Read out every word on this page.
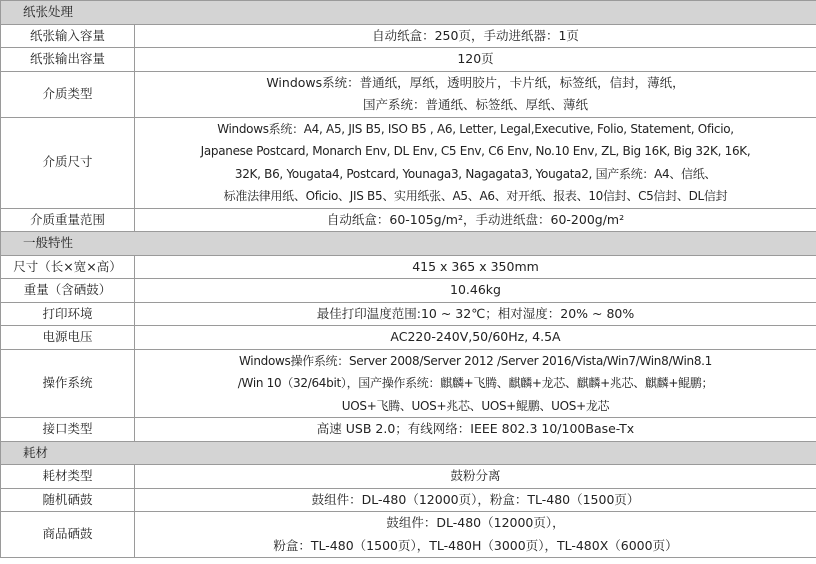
纸张处理	
纸张输入容量	自动纸盒：250页，手动进纸器：1页

纸张输出容量	120页

介质类型	Windows系统：普通纸，厚纸，透明胶片，卡片纸，标签纸，信封，薄纸，
国产系统：普通纸、标签纸、厚纸、薄纸

介质尺寸	Windows系统：A4, A5, JIS B5, ISO B5 , A6, Letter, Legal,Executive, Folio, Statement, Oficio,
Japanese Postcard, Monarch Env, DL Env, C5 Env, C6 Env, No.10 Env, ZL, Big 16K, Big 32K, 16K,
32K, B6, Yougata4, Postcard, Younaga3, Nagagata3, Yougata2, 国产系统：A4、信纸、
标准法律用纸、Oficio、JIS B5、实用纸张、A5、A6、对开纸、报表、10信封、C5信封、DL信封

介质重量范围	自动纸盒：60-105g/m²，手动进纸盘：60-200g/m²

一般特性	
尺寸（长×宽×高）	415 x 365 x 350mm

重量（含硒鼓）	10.46kg

打印环境	最佳打印温度范围:10 ~ 32℃；相对湿度：20% ~ 80%

电源电压	AC220-240V,50/60Hz, 4.5A

操作系统	Windows操作系统：Server 2008/Server 2012 /Server 2016/Vista/Win7/Win8/Win8.1
/Win 10（32/64bit），国产操作系统：麒麟+飞腾、麒麟+龙芯、麒麟+兆芯、麒麟+鲲鹏；
UOS+飞腾、UOS+兆芯、UOS+鲲鹏、UOS+龙芯

接口类型	高速 USB 2.0；有线网络：IEEE 802.3 10/100Base-Tx

耗材	
耗材类型	鼓粉分离

随机硒鼓	鼓组件：DL-480（12000页），粉盒：TL-480（1500页）

商品硒鼓	鼓组件：DL-480（12000页），
粉盒：TL-480（1500页），TL-480H（3000页），TL-480X（6000页）
